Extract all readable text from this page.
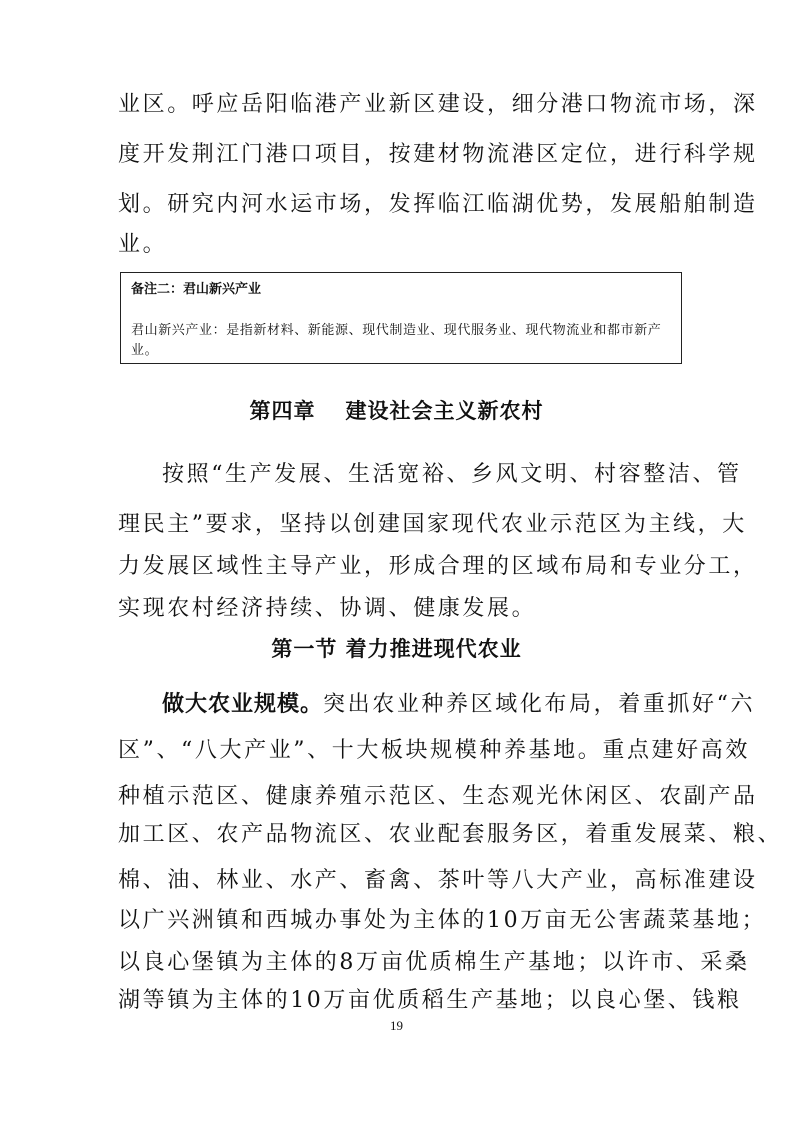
业区。呼应岳阳临港产业新区建设，细分港口物流市场，深
度开发荆江门港口项目，按建材物流港区定位，进行科学规
划。研究内河水运市场，发挥临江临湖优势，发展船舶制造
业。
备注二：君山新兴产业
君山新兴产业：是指新材料、新能源、现代制造业、现代服务业、现代物流业和都市新产业。
第四章 建设社会主义新农村
按照“生产发展、生活宽裕、乡风文明、村容整洁、管
理民主”要求，坚持以创建国家现代农业示范区为主线，大
力发展区域性主导产业，形成合理的区域布局和专业分工，
实现农村经济持续、协调、健康发展。
第一节 着力推进现代农业
做大农业规模。突出农业种养区域化布局，着重抓好“六
区”、“八大产业”、十大板块规模种养基地。重点建好高效
种植示范区、健康养殖示范区、生态观光休闲区、农副产品
加工区、农产品物流区、农业配套服务区，着重发展菜、粮、
棉、油、林业、水产、畜禽、茶叶等八大产业，高标准建设
以广兴洲镇和西城办事处为主体的10万亩无公害蔬菜基地；
以良心堡镇为主体的8万亩优质棉生产基地；以许市、采桑
湖等镇为主体的10万亩优质稻生产基地；以良心堡、钱粮
19
